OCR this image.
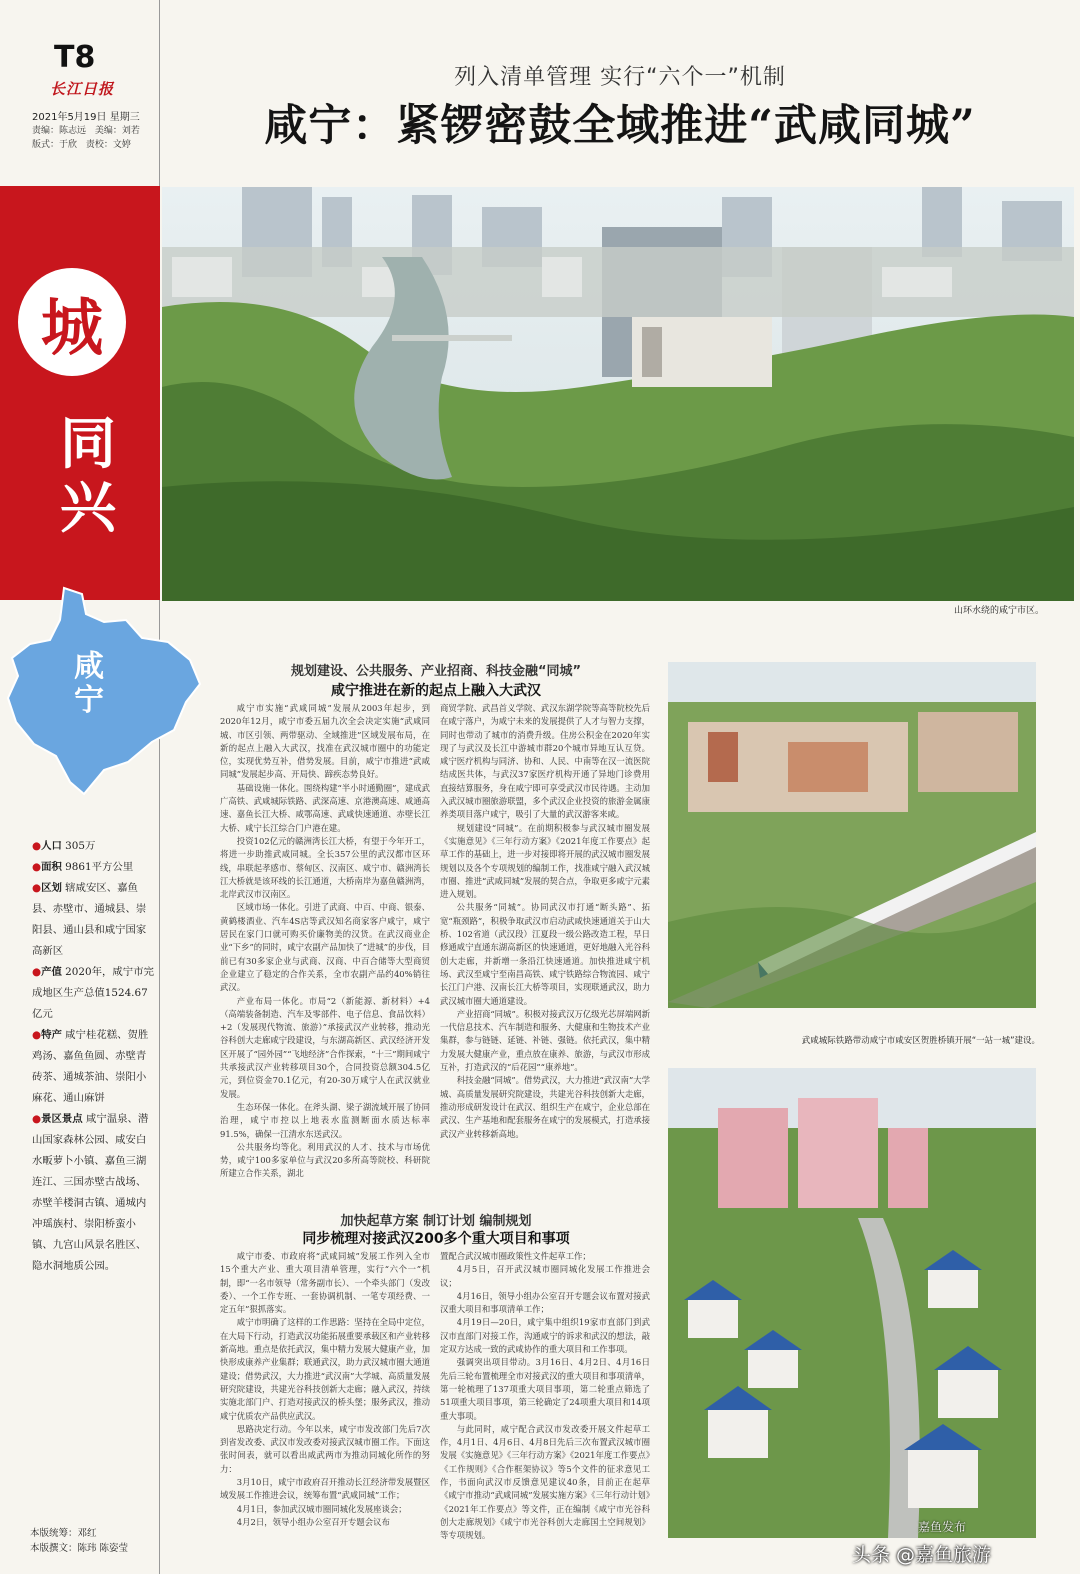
T8
长江日报
2021年5月19日 星期三
责编：陈志远 美编：刘若
版式：于欣 责校：文婷
城
同兴
咸宁

●人口 305万

●面积 9861平方公里

●区划 辖咸安区、嘉鱼县、赤壁市、通城县、崇阳县、通山县和咸宁国家高新区

●产值 2020年，咸宁市完成地区生产总值1524.67亿元

●特产 咸宁桂花糕、贺胜鸡汤、嘉鱼鱼圆、赤壁青砖茶、通城茶油、崇阳小麻花、通山麻饼

●景区景点 咸宁温泉、潜山国家森林公园、咸安白水畈萝卜小镇、嘉鱼三湖连江、三国赤壁古战场、赤壁羊楼洞古镇、通城内冲瑶族村、崇阳桥蛮小镇、九宫山风景名胜区、隐水洞地质公园。

本版统筹：邓红
本版撰文：陈玮 陈姿莹
列入清单管理 实行“六个一”机制
咸宁：紧锣密鼓全域推进“武咸同城”
山环水绕的咸宁市区。
规划建设、公共服务、产业招商、科技金融“同城”
咸宁推进在新的起点上融入大武汉

咸宁市实施“武咸同城”发展从2003年起步，到2020年12月，咸宁市委五届九次全会决定实施“武咸同城、市区引领、两带驱动、全域推进”区域发展布局，在新的起点上融入大武汉，找准在武汉城市圈中的功能定位，实现优势互补，借势发展。目前，咸宁市推进“武咸同城”发展起步高、开局快、蹄疾态势良好。

基础设施一体化。围绕构建“半小时通勤圈”，建成武广高铁、武咸城际铁路、武深高速、京港澳高速、咸通高速、嘉鱼长江大桥、咸鄂高速、武咸快速通道、赤壁长江大桥、咸宁长江综合门户港在建。

投资102亿元的赣洲湾长江大桥，有望于今年开工，将进一步助推武咸同城。全长357公里的武汉都市区环线，串联起孝感市、蔡甸区、汉南区、咸宁市、赣洲湾长江大桥就是该环线的长江通道，大桥南岸为嘉鱼赣洲湾，北岸武汉市汉南区。

区域市场一体化。引进了武商、中百、中商、银泰、黄鹤楼酒业、汽车4S店等武汉知名商家客户咸宁，咸宁居民在家门口就可购买价廉物美的汉货。在武汉商业企业“下乡”的同时，咸宁农副产品加快了“进城”的步伐，目前已有30多家企业与武商、汉商、中百合储等大型商贸企业建立了稳定的合作关系，全市农副产品约40%销往武汉。

产业布局一体化。市局“2（新能源、新材料）+4（高端装备制造、汽车及零部件、电子信息、食品饮料）+2（发展现代物流、旅游）”承接武汉产业转移，推动光谷科创大走廊咸宁段建设，与东湖高新区、武汉经济开发区开展了“园外园”“飞地经济”合作探索，“十三”期间咸宁共承接武汉产业转移项目30个，合同投资总额304.5亿元，到位资金70.1亿元，有20-30万咸宁人在武汉就业发展。

生态环保一体化。在斧头湖、梁子湖流域开展了协同治理，咸宁市控以上地表水监测断面水质达标率91.5%，确保一江清水东送武汉。

公共服务均等化。利用武汉的人才、技术与市场优势，咸宁100多家单位与武汉20多所高等院校、科研院所建立合作关系，湖北

商贸学院、武昌首义学院、武汉东湖学院等高等院校先后在咸宁落户，为咸宁未来的发展提供了人才与智力支撑，同时也带动了城市的消费升级。住房公积金在2020年实现了与武汉及长江中游城市群20个城市异地互认互贷。咸宁医疗机构与同济、协和、人民、中南等在汉一流医院结成医共体，与武汉37家医疗机构开通了异地门诊费用直接结算服务，身在咸宁即可享受武汉市民待遇。主动加入武汉城市圈旅游联盟，多个武汉企业投资的旅游金属康养类项目落户咸宁，吸引了大量的武汉游客来咸。

规划建设“同城”。在前期积极参与武汉城市圈发展《实施意见》《三年行动方案》《2021年度工作要点》起草工作的基础上，进一步对接即将开展的武汉城市圈发展规划以及各个专项规划的编制工作，找准咸宁融入武汉城市圈、推进“武咸同城”发展的契合点，争取更多咸宁元素进入规划。

公共服务“同城”。协同武汉市打通“断头路”、拓宽“瓶颈路”，积极争取武汉市启动武咸快速通道关于山大桥、102省道（武汉段）江夏段一级公路改造工程，早日修通咸宁直通东湖高新区的快速通道，更好地融入光谷科创大走廊，并新增一条沿江快速通道。加快推进咸宁机场、武汉至咸宁至南昌高铁、咸宁铁路综合物流园、咸宁长江门户港、汉南长江大桥等项目，实现联通武汉，助力武汉城市圈大通道建设。

产业招商“同城”。积极对接武汉万亿级光芯屏端网新一代信息技术、汽车制造和服务、大健康和生物技术产业集群，参与链链、延链、补链、强链。依托武汉，集中精力发展大健康产业，重点放在康养、旅游，与武汉市形成互补，打造武汉的“后花园”“康养地”。

科技金融“同城”。借势武汉，大力推进“武汉南”大学城、高质量发展研究院建设，共建光谷科技创新大走廊，推动形成研发设计在武汉、组织生产在咸宁，企业总部在武汉、生产基地和配套服务在咸宁的发展模式，打造承接武汉产业转移新高地。

加快起草方案 制订计划 编制规划
同步梳理对接武汉200多个重大项目和事项

咸宁市委、市政府将“武咸同城”发展工作列入全市15个重大产业、重大项目清单管理，实行“六个一”机制，即“一名市领导（常务副市长）、一个牵头部门（发改委）、一个工作专班、一套协调机制、一笔专项经费、一定五年”狠抓落实。

咸宁市明确了这样的工作思路：坚持在全局中定位，在大局下行动，打造武汉功能拓展重要承载区和产业转移新高地。重点是依托武汉，集中精力发展大健康产业，加快形成康养产业集群；联通武汉，助力武汉城市圈大通道建设；借势武汉，大力推进“武汉南”大学城、高质量发展研究院建设，共建光谷科技创新大走廊；融入武汉，持续实施北部门户、打造对接武汉的桥头堡；服务武汉，推动咸宁优质农产品供应武汉。

思路决定行动。今年以来，咸宁市发改部门先后7次到省发改委、武汉市发改委对接武汉城市圈工作。下面这张时间表，就可以看出咸武两市为推动同城化所作的努力：

3月10日，咸宁市政府召开推动长江经济带发展暨区域发展工作推进会议，统筹布置“武咸同城”工作；

4月1日，参加武汉城市圈同城化发展座谈会；

4月2日，领导小组办公室召开专题会议布

置配合武汉城市圈政策性文件起草工作；

4月5日，召开武汉城市圈同城化发展工作推进会议；

4月16日，领导小组办公室召开专题会议布置对接武汉重大项目和事项清单工作；

4月19日—20日，咸宁集中组织19家市直部门到武汉市直部门对接工作，沟通咸宁的诉求和武汉的想法，敲定双方达成一致的武咸协作的重大项目和工作事项。

强调突出项目带动。3月16日、4月2日、4月16日先后三轮布置梳理全市对接武汉的重大项目和事项清单，第一轮梳理了137项重大项目事项，第二轮重点筛选了51项重大项目事项，第三轮确定了24项重大项目和14项重大事项。

与此同时，咸宁配合武汉市发改委开展文件起草工作，4月1日、4月6日、4月8日先后三次布置武汉城市圈发展《实施意见》《三年行动方案》《2021年度工作要点》《工作规则》《合作框架协议》等5个文件的征求意见工作，书面向武汉市反馈意见建议40条，目前正在起草《咸宁市推动“武咸同城”发展实施方案》《三年行动计划》《2021年工作要点》等文件，正在编制《咸宁市光谷科创大走廊规划》《咸宁市光谷科创大走廊国土空间规划》等专项规划。

武咸城际铁路带动咸宁市咸安区贺胜桥镇开展“一站一城”建设。
嘉鱼发布
头条 @嘉鱼旅游
